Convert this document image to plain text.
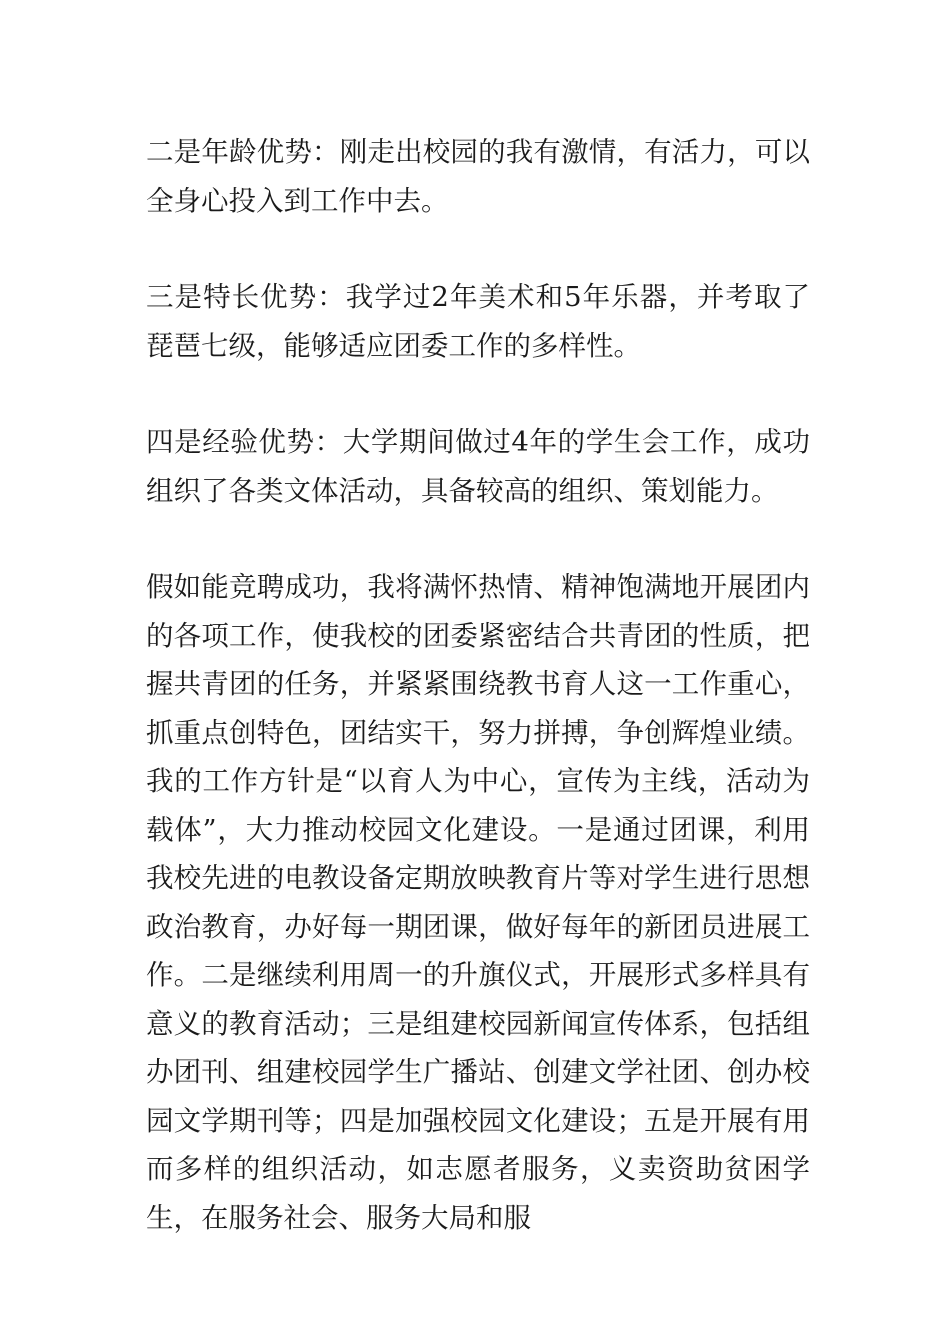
二是年龄优势：刚走出校园的我有激情，有活力，可以全身心投入到工作中去。

三是特长优势：我学过2年美术和5年乐器，并考取了琵琶七级，能够适应团委工作的多样性。

四是经验优势：大学期间做过4年的学生会工作，成功组织了各类文体活动，具备较高的组织、策划能力。

假如能竞聘成功，我将满怀热情、精神饱满地开展团内的各项工作，使我校的团委紧密结合共青团的性质，把握共青团的任务，并紧紧围绕教书育人这一工作重心，抓重点创特色，团结实干，努力拼搏，争创辉煌业绩。我的工作方针是“以育人为中心，宣传为主线，活动为载体”，大力推动校园文化建设。一是通过团课，利用我校先进的电教设备定期放映教育片等对学生进行思想政治教育，办好每一期团课，做好每年的新团员进展工作。二是继续利用周一的升旗仪式，开展形式多样具有意义的教育活动；三是组建校园新闻宣传体系，包括组办团刊、组建校园学生广播站、创建文学社团、创办校园文学期刊等；四是加强校园文化建设；五是开展有用而多样的组织活动，如志愿者服务，义卖资助贫困学生，在服务社会、服务大局和服
